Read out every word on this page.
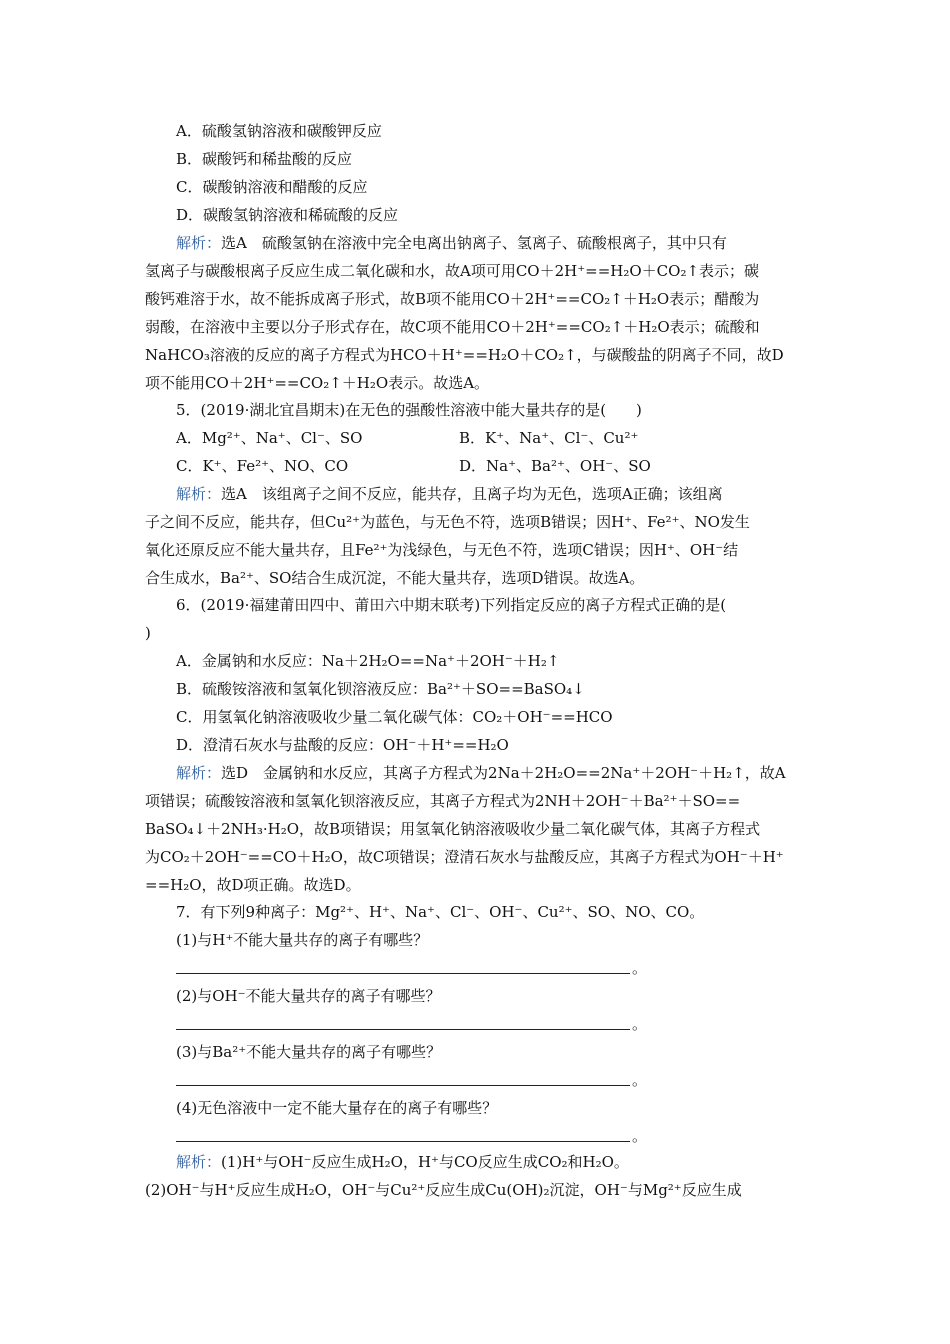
A．硫酸氢钠溶液和碳酸钾反应
B．碳酸钙和稀盐酸的反应
C．碳酸钠溶液和醋酸的反应
D．碳酸氢钠溶液和稀硫酸的反应
解析：选A　硫酸氢钠在溶液中完全电离出钠离子、氢离子、硫酸根离子，其中只有
氢离子与碳酸根离子反应生成二氧化碳和水，故A项可用CO＋2H⁺==H₂O＋CO₂↑表示；碳
酸钙难溶于水，故不能拆成离子形式，故B项不能用CO＋2H⁺==CO₂↑＋H₂O表示；醋酸为
弱酸，在溶液中主要以分子形式存在，故C项不能用CO＋2H⁺==CO₂↑＋H₂O表示；硫酸和
NaHCO₃溶液的反应的离子方程式为HCO＋H⁺==H₂O＋CO₂↑，与碳酸盐的阴离子不同，故D
项不能用CO＋2H⁺==CO₂↑＋H₂O表示。故选A。
5．(2019·湖北宜昌期末)在无色的强酸性溶液中能大量共存的是(　　)
A．Mg²⁺、Na⁺、Cl⁻、SO	B．K⁺、Na⁺、Cl⁻、Cu²⁺
C．K⁺、Fe²⁺、NO、CO	D．Na⁺、Ba²⁺、OH⁻、SO
解析：选A　该组离子之间不反应，能共存，且离子均为无色，选项A正确；该组离
子之间不反应，能共存，但Cu²⁺为蓝色，与无色不符，选项B错误；因H⁺、Fe²⁺、NO发生
氧化还原反应不能大量共存，且Fe²⁺为浅绿色，与无色不符，选项C错误；因H⁺、OH⁻结
合生成水，Ba²⁺、SO结合生成沉淀，不能大量共存，选项D错误。故选A。
6．(2019·福建莆田四中、莆田六中期末联考)下列指定反应的离子方程式正确的是(
)
A．金属钠和水反应：Na＋2H₂O==Na⁺＋2OH⁻＋H₂↑
B．硫酸铵溶液和氢氧化钡溶液反应：Ba²⁺＋SO==BaSO₄↓
C．用氢氧化钠溶液吸收少量二氧化碳气体：CO₂＋OH⁻==HCO
D．澄清石灰水与盐酸的反应：OH⁻＋H⁺==H₂O
解析：选D　金属钠和水反应，其离子方程式为2Na＋2H₂O==2Na⁺＋2OH⁻＋H₂↑，故A
项错误；硫酸铵溶液和氢氧化钡溶液反应，其离子方程式为2NH＋2OH⁻＋Ba²⁺＋SO==
BaSO₄↓＋2NH₃·H₂O，故B项错误；用氢氧化钠溶液吸收少量二氧化碳气体，其离子方程式
为CO₂＋2OH⁻==CO＋H₂O，故C项错误；澄清石灰水与盐酸反应，其离子方程式为OH⁻＋H⁺
==H₂O，故D项正确。故选D。
7．有下列9种离子：Mg²⁺、H⁺、Na⁺、Cl⁻、OH⁻、Cu²⁺、SO、NO、CO。
(1)与H⁺不能大量共存的离子有哪些？
。
(2)与OH⁻不能大量共存的离子有哪些？
。
(3)与Ba²⁺不能大量共存的离子有哪些？
。
(4)无色溶液中一定不能大量存在的离子有哪些？
。
解析：(1)H⁺与OH⁻反应生成H₂O，H⁺与CO反应生成CO₂和H₂O。
(2)OH⁻与H⁺反应生成H₂O，OH⁻与Cu²⁺反应生成Cu(OH)₂沉淀，OH⁻与Mg²⁺反应生成
